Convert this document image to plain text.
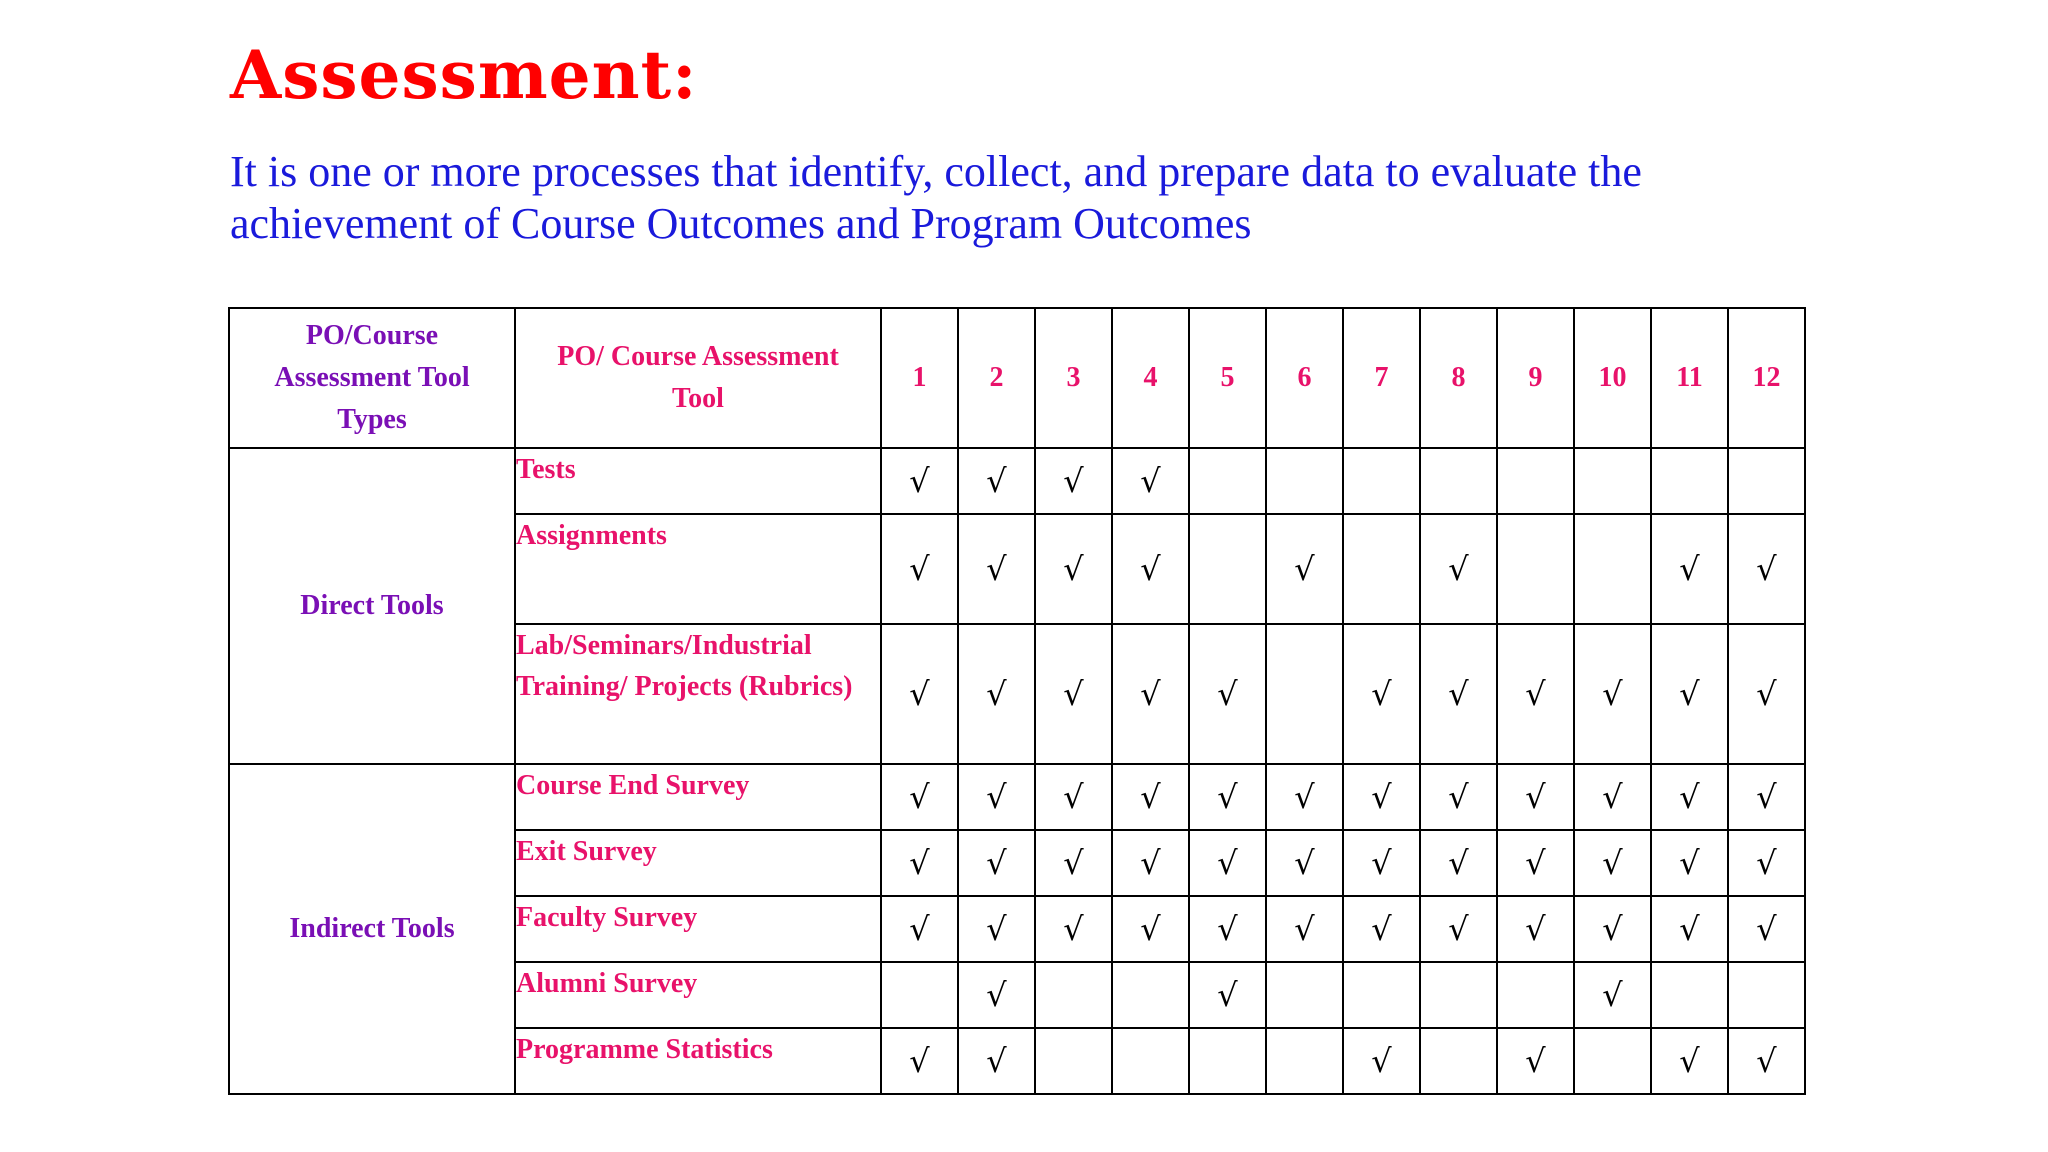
Assessment:

It is one or more processes that identify, collect, and prepare data to evaluate the achievement of Course Outcomes and Program Outcomes

PO/Course Assessment Tool Types	PO/ Course Assessment Tool	1	2	3	4	5	6	7	8	9	10	11	12
Direct Tools	Tests	√	√	√	√								
	Assignments	√	√	√	√		√		√			√	√
	Lab/Seminars/Industrial Training/ Projects (Rubrics)	√	√	√	√	√		√	√	√	√	√	√
Indirect Tools	Course End Survey	√	√	√	√	√	√	√	√	√	√	√	√
	Exit Survey	√	√	√	√	√	√	√	√	√	√	√	√
	Faculty Survey	√	√	√	√	√	√	√	√	√	√	√	√
	Alumni Survey		√			√					√		
	Programme Statistics	√	√					√		√		√	√
